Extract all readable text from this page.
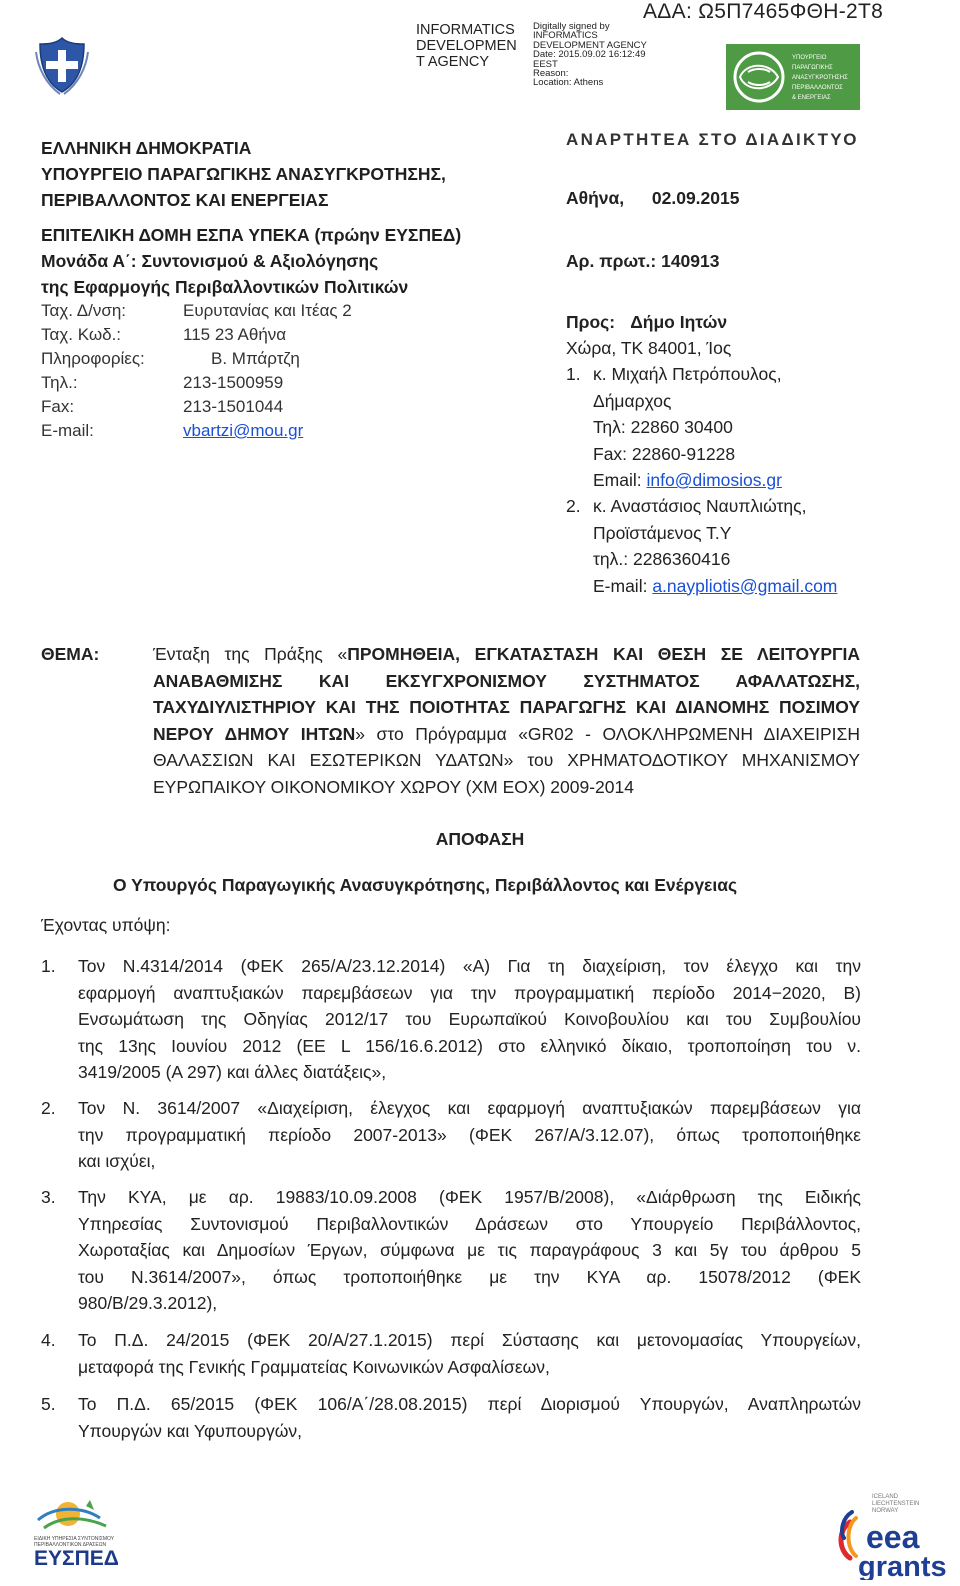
ΑΔΑ: Ω5Π7465ΦΘΗ-2Τ8
INFORMATICS
DEVELOPMEN
T AGENCY
Digitally signed by
INFORMATICS
DEVELOPMENT AGENCY
Date: 2015.09.02 16:12:49
EEST
Reason:
Location: Athens
ΥΠΟΥΡΓΕΙΟ
ΠΑΡΑΓΩΓΙΚΗΣ
ΑΝΑΣΥΓΚΡΟΤΗΣΗΣ
ΠΕΡΙΒΑΛΛΟΝΤΟΣ
& ΕΝΕΡΓΕΙΑΣ
ΕΛΛΗΝΙΚΗ ΔΗΜΟΚΡΑΤΙΑ
ΥΠΟΥΡΓΕΙΟ ΠΑΡΑΓΩΓΙΚΗΣ ΑΝΑΣΥΓΚΡΟΤΗΣΗΣ,
ΠΕΡΙΒΑΛΛΟΝΤΟΣ ΚΑΙ ΕΝΕΡΓΕΙΑΣ
ΕΠΙΤΕΛΙΚΗ ΔΟΜΗ ΕΣΠΑ ΥΠΕΚΑ (πρώην ΕΥΣΠΕΔ)
Μονάδα Α΄: Συντονισμού & Αξιολόγησης
της Εφαρμογής Περιβαλλοντικών Πολιτικών
Ταχ. Δ/νση:
Ταχ. Κωδ.:
Πληροφορίες:
Τηλ.:
Fax:
E-mail:
Ευρυτανίας και Ιτέας 2
115 23 Αθήνα
Β. Μπάρτζη
213-1500959
213-1501044
vbartzi@mou.gr
ΑΝΑΡΤΗΤΕΑ ΣΤΟ ΔΙΑΔΙΚΤΥΟ
Αθήνα, 02.09.2015
Αρ. πρωτ.: 140913
Προς: Δήμο Ιητών
Χώρα, ΤΚ 84001, Ίος
1. κ. Μιχαήλ Πετρόπουλος,
Δήμαρχος
Τηλ: 22860 30400
Fax: 22860-91228
Email: info@dimosios.gr
2. κ. Αναστάσιος Ναυπλιώτης,
Προϊστάμενος Τ.Υ
τηλ.: 2286360416
E-mail: a.naypliotis@gmail.com
ΘΕΜΑ:	Ένταξη της Πράξης «ΠΡΟΜΗΘΕΙΑ, ΕΓΚΑΤΑΣΤΑΣΗ ΚΑΙ ΘΕΣΗ ΣΕ ΛΕΙΤΟΥΡΓΙΑ
ΑΝΑΒΑΘΜΙΣΗΣ ΚΑΙ ΕΚΣΥΓΧΡΟΝΙΣΜΟΥ ΣΥΣΤΗΜΑΤΟΣ ΑΦΑΛΑΤΩΣΗΣ,
ΤΑΧΥΔΙΥΛΙΣΤΗΡΙΟΥ ΚΑΙ ΤΗΣ ΠΟΙΟΤΗΤΑΣ ΠΑΡΑΓΩΓΗΣ ΚΑΙ ΔΙΑΝΟΜΗΣ ΠΟΣΙΜΟΥ
ΝΕΡΟΥ ΔΗΜΟΥ ΙΗΤΩΝ» στο Πρόγραμμα «GR02 - ΟΛΟΚΛΗΡΩΜΕΝΗ ΔΙΑΧΕΙΡΙΣΗ
ΘΑΛΑΣΣΙΩΝ ΚΑΙ ΕΣΩΤΕΡΙΚΩΝ ΥΔΑΤΩΝ» του ΧΡΗΜΑΤΟΔΟΤΙΚΟΥ ΜΗΧΑΝΙΣΜΟΥ
ΕΥΡΩΠΑΙΚΟΥ ΟΙΚΟΝΟΜΙΚΟΥ ΧΩΡΟΥ (ΧΜ ΕΟΧ) 2009-2014
ΑΠΟΦΑΣΗ
Ο Υπουργός Παραγωγικής Ανασυγκρότησης, Περιβάλλοντος και Ενέργειας
Έχοντας υπόψη:
1. Τον Ν.4314/2014 (ΦΕΚ 265/Α/23.12.2014) «Α) Για τη διαχείριση, τον έλεγχο και την
εφαρμογή αναπτυξιακών παρεμβάσεων για την προγραμματική περίοδο 2014−2020, Β)
Ενσωμάτωση της Οδηγίας 2012/17 του Ευρωπαϊκού Κοινοβουλίου και του Συμβουλίου
της 13ης Ιουνίου 2012 (ΕΕ L 156/16.6.2012) στο ελληνικό δίκαιο, τροποποίηση του ν.
3419/2005 (Α 297) και άλλες διατάξεις»,
2. Τον Ν. 3614/2007 «Διαχείριση, έλεγχος και εφαρμογή αναπτυξιακών παρεμβάσεων για
την προγραμματική περίοδο 2007-2013» (ΦΕΚ 267/Α/3.12.07), όπως τροποποιήθηκε
και ισχύει,
3. Την ΚΥΑ, με αρ. 19883/10.09.2008 (ΦΕΚ 1957/Β/2008), «Διάρθρωση της Ειδικής
Υπηρεσίας Συντονισμού Περιβαλλοντικών Δράσεων στο Υπουργείο Περιβάλλοντος,
Χωροταξίας και Δημοσίων Έργων, σύμφωνα με τις παραγράφους 3 και 5γ του άρθρου 5
του Ν.3614/2007», όπως τροποποιήθηκε με την ΚΥΑ αρ. 15078/2012 (ΦΕΚ
980/Β/29.3.2012),
4. Το Π.Δ. 24/2015 (ΦΕΚ 20/Α/27.1.2015) περί Σύστασης και μετονομασίας Υπουργείων,
μεταφορά της Γενικής Γραμματείας Κοινωνικών Ασφαλίσεων,
5. Το Π.Δ. 65/2015 (ΦΕΚ 106/Α΄/28.08.2015) περί Διορισμού Υπουργών, Αναπληρωτών
Υπουργών και Υφυπουργών,
ΕΙΔΙΚΗ ΥΠΗΡΕΣΙΑ ΣΥΝΤΟΝΙΣΜΟΥ
ΠΕΡΙΒΑΛΛΟΝΤΙΚΩΝ ΔΡΑΣΕΩΝ
ΕΥΣΠΕΔ
ICELAND
LIECHTENSTEIN
NORWAY
eea
grants
